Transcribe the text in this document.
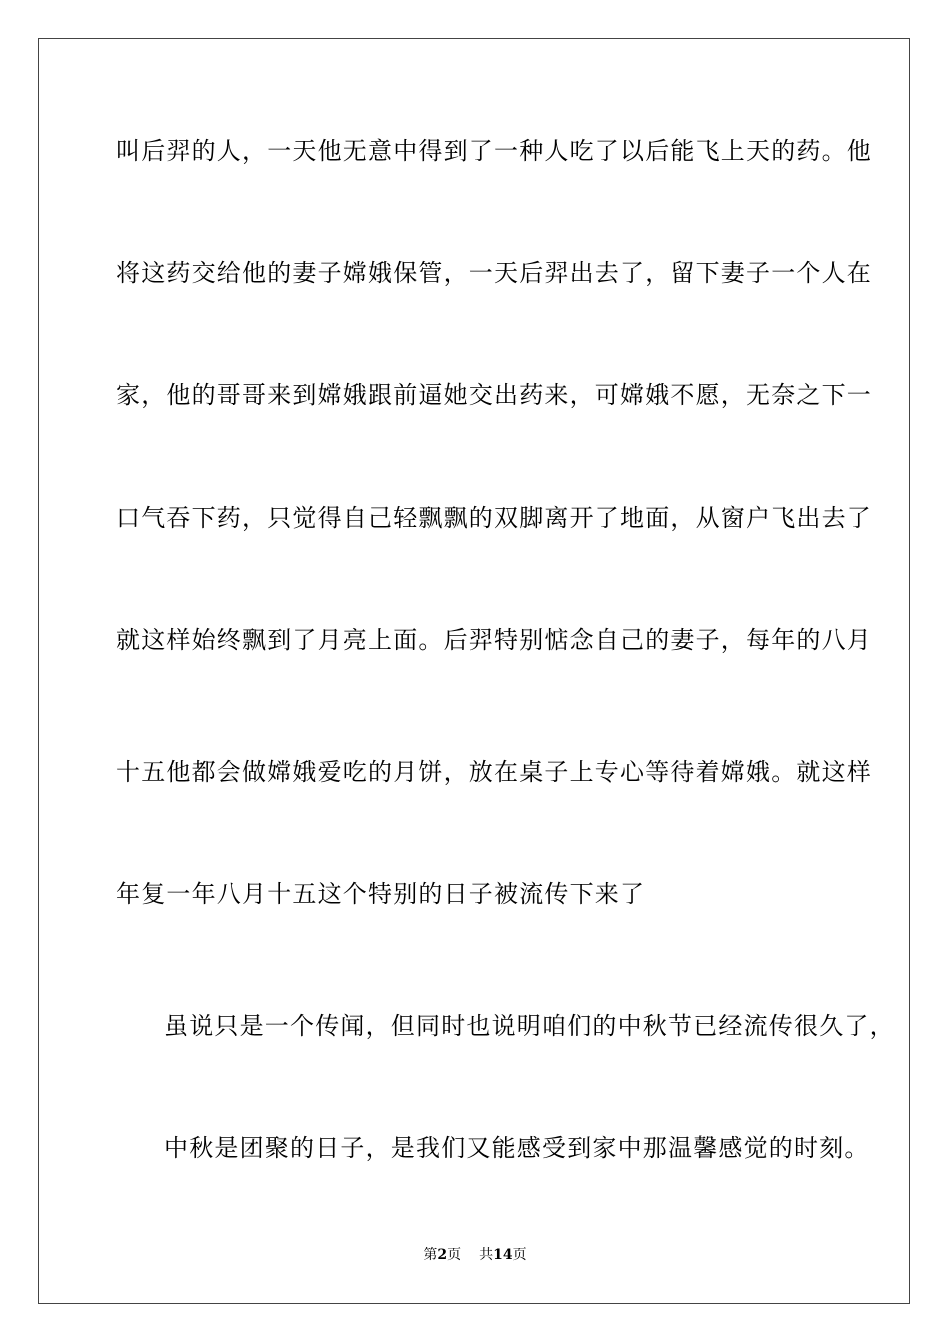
叫后羿的人，一天他无意中得到了一种人吃了以后能飞上天的药。他
将这药交给他的妻子嫦娥保管，一天后羿出去了，留下妻子一个人在
家，他的哥哥来到嫦娥跟前逼她交出药来，可嫦娥不愿，无奈之下一
口气吞下药，只觉得自己轻飘飘的双脚离开了地面，从窗户飞出去了
就这样始终飘到了月亮上面。后羿特别惦念自己的妻子，每年的八月
十五他都会做嫦娥爱吃的月饼，放在桌子上专心等待着嫦娥。就这样
年复一年八月十五这个特别的日子被流传下来了
虽说只是一个传闻，但同时也说明咱们的中秋节已经流传很久了，
中秋是团聚的日子，是我们又能感受到家中那温馨感觉的时刻。
第2页 共14页
